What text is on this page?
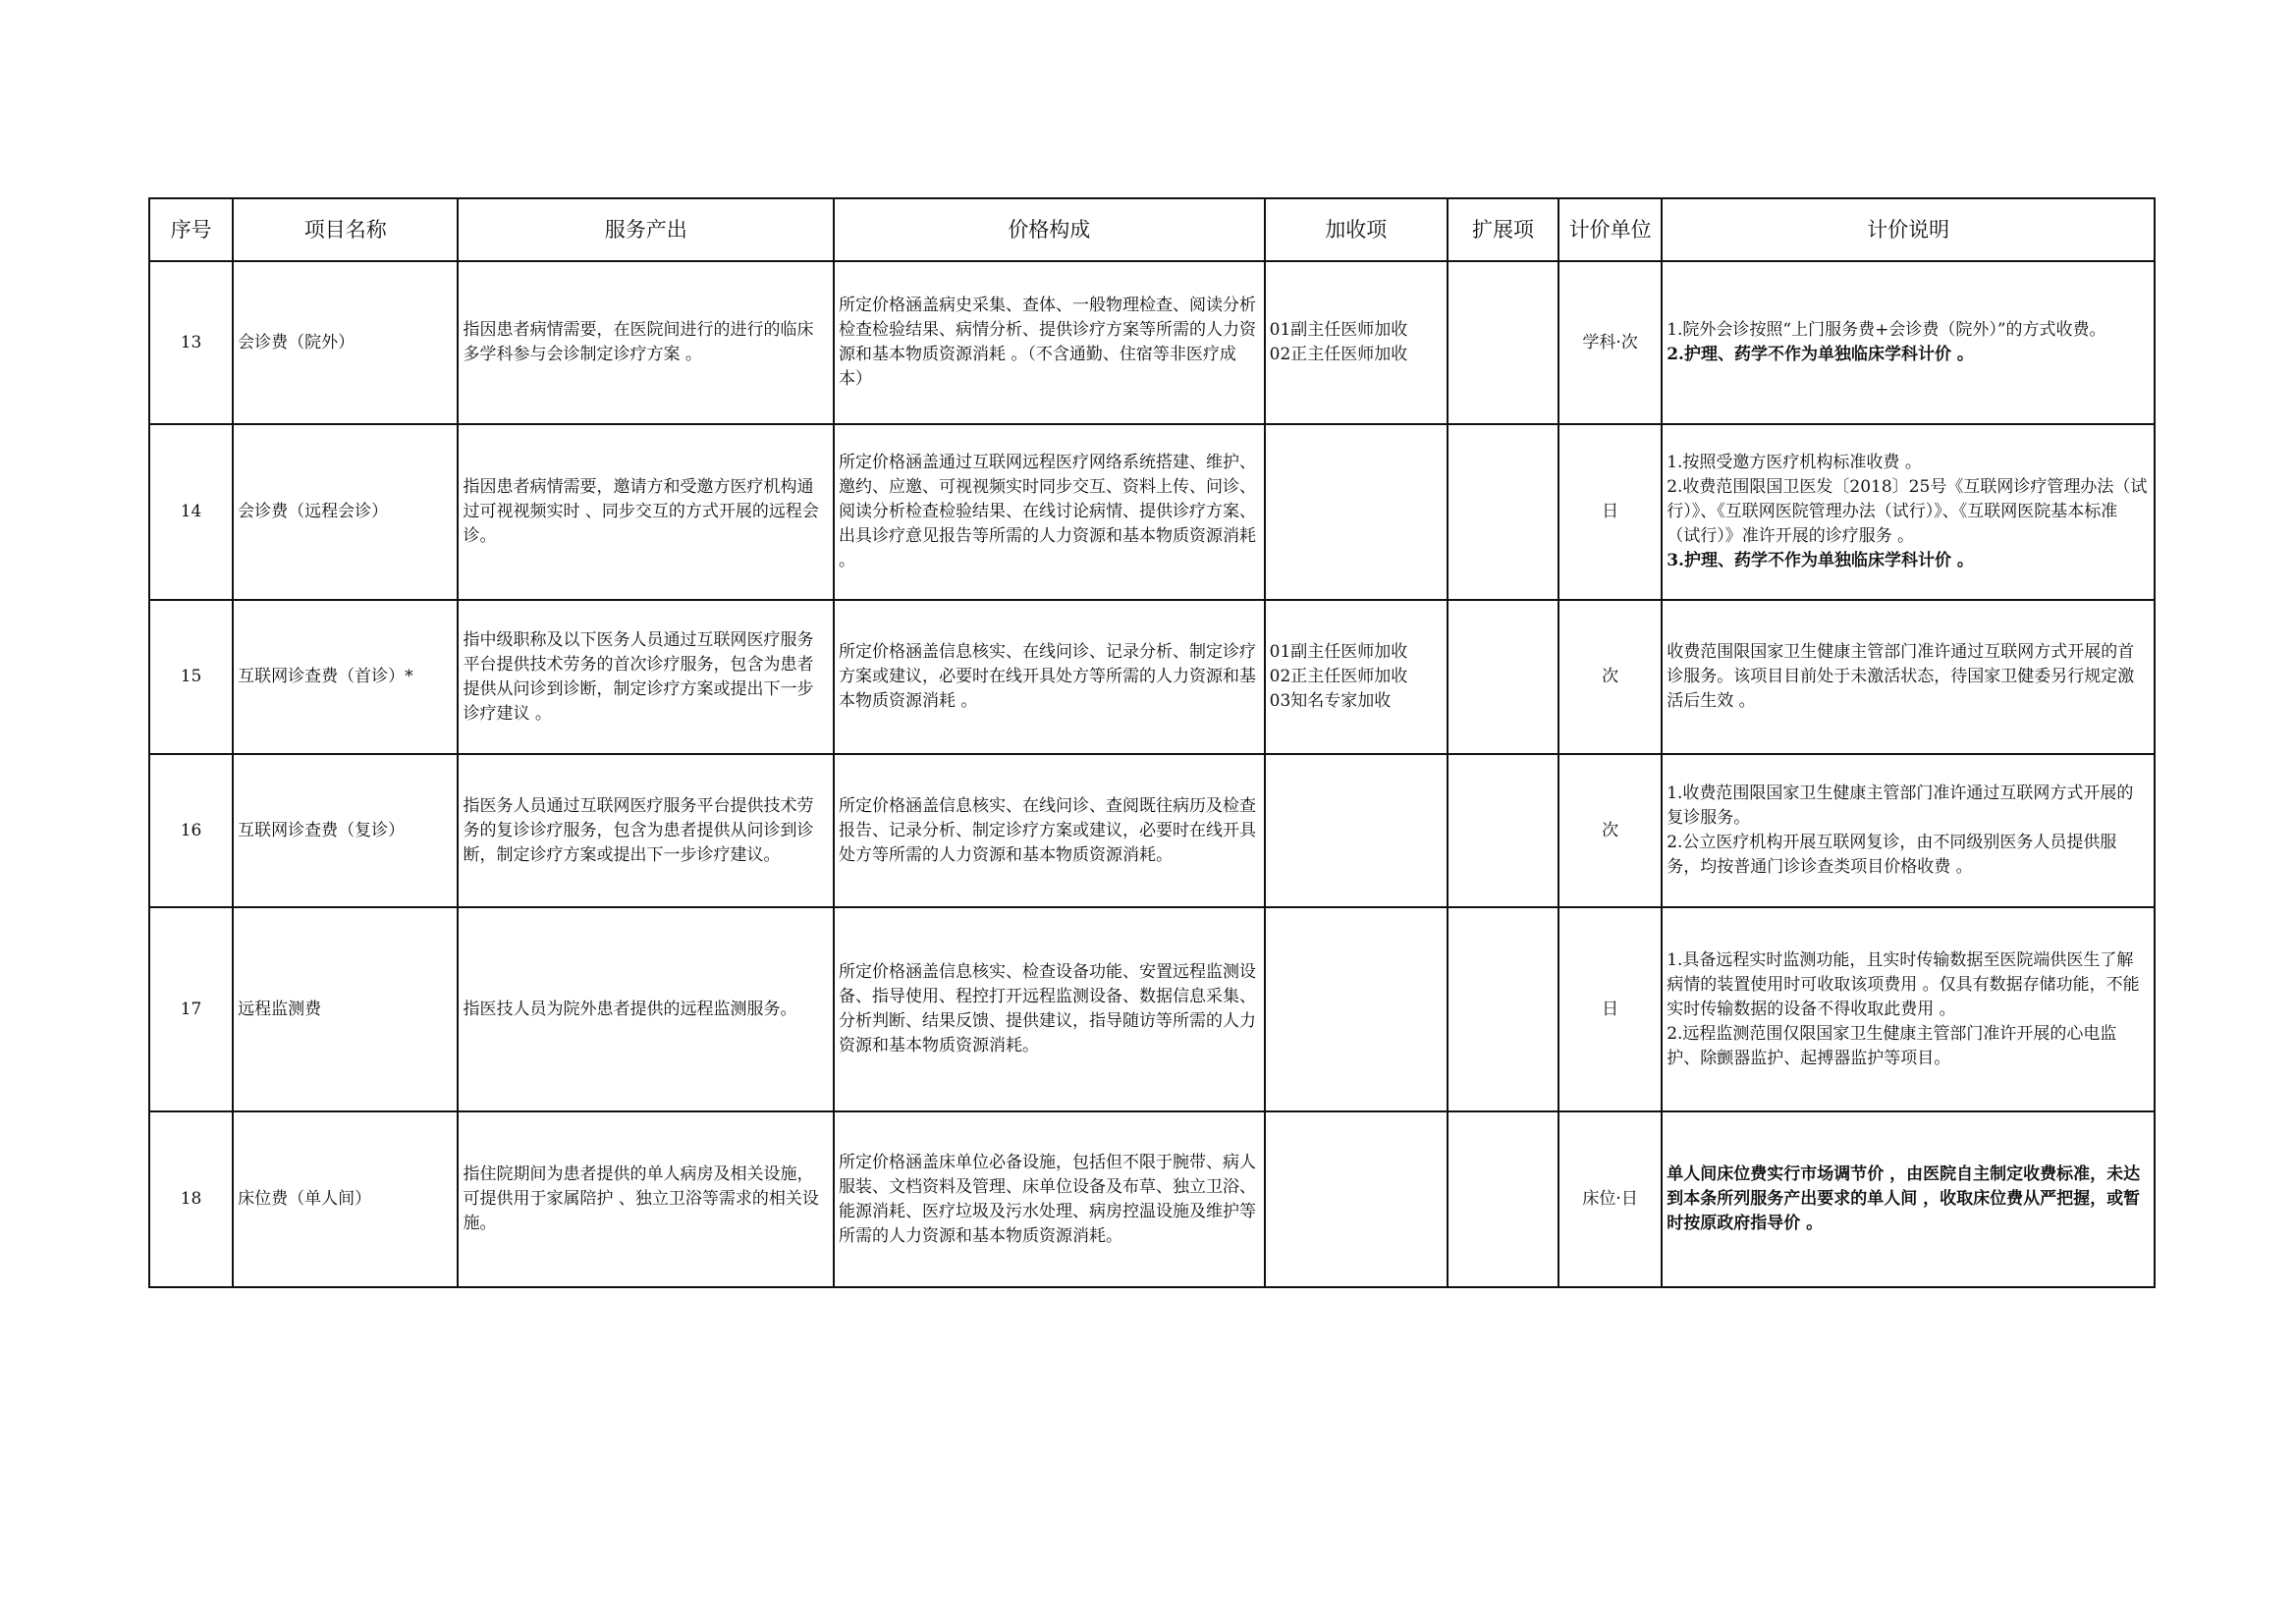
序号	项目名称	服务产出	价格构成	加收项	扩展项	计价单位	计价说明
13	会诊费（院外）	指因患者病情需要，在医院间进行的进行的临床多学科参与会诊制定诊疗方案 。	所定价格涵盖病史采集、查体、一般物理检查、阅读分析检查检验结果、病情分析、提供诊疗方案等所需的人力资源和基本物质资源消耗 。（不含通勤、住宿等非医疗成本）	01副主任医师加收
02正主任医师加收		学科·次	1.院外会诊按照“上门服务费+会诊费（院外）”的方式收费。
2.护理、药学不作为单独临床学科计价 。

14	会诊费（远程会诊）	指因患者病情需要，邀请方和受邀方医疗机构通过可视视频实时 、同步交互的方式开展的远程会诊。	所定价格涵盖通过互联网远程医疗网络系统搭建、维护、邀约、应邀、可视视频实时同步交互、资料上传、问诊、阅读分析检查检验结果、在线讨论病情、提供诊疗方案、出具诊疗意见报告等所需的人力资源和基本物质资源消耗 。			日	1.按照受邀方医疗机构标准收费 。
2.收费范围限国卫医发〔2018〕25号《互联网诊疗管理办法（试行）》、《互联网医院管理办法（试行）》、《互联网医院基本标准（试行）》准许开展的诊疗服务 。
3.护理、药学不作为单独临床学科计价 。

15	互联网诊查费（首诊）*	指中级职称及以下医务人员通过互联网医疗服务平台提供技术劳务的首次诊疗服务，包含为患者提供从问诊到诊断，制定诊疗方案或提出下一步诊疗建议 。	所定价格涵盖信息核实、在线问诊、记录分析、制定诊疗方案或建议，必要时在线开具处方等所需的人力资源和基本物质资源消耗 。	01副主任医师加收
02正主任医师加收
03知名专家加收		次	收费范围限国家卫生健康主管部门准许通过互联网方式开展的首诊服务。该项目目前处于未激活状态，待国家卫健委另行规定激活后生效 。

16	互联网诊查费（复诊）	指医务人员通过互联网医疗服务平台提供技术劳务的复诊诊疗服务，包含为患者提供从问诊到诊断，制定诊疗方案或提出下一步诊疗建议。	所定价格涵盖信息核实、在线问诊、查阅既往病历及检查报告、记录分析、制定诊疗方案或建议，必要时在线开具处方等所需的人力资源和基本物质资源消耗。			次	1.收费范围限国家卫生健康主管部门准许通过互联网方式开展的复诊服务。
2.公立医疗机构开展互联网复诊，由不同级别医务人员提供服务，均按普通门诊诊查类项目价格收费 。

17	远程监测费	指医技人员为院外患者提供的远程监测服务。	所定价格涵盖信息核实、检查设备功能、安置远程监测设备、指导使用、程控打开远程监测设备、数据信息采集、分析判断、结果反馈、提供建议，指导随访等所需的人力资源和基本物质资源消耗。			日	1.具备远程实时监测功能，且实时传输数据至医院端供医生了解病情的装置使用时可收取该项费用 。仅具有数据存储功能，不能实时传输数据的设备不得收取此费用 。
2.远程监测范围仅限国家卫生健康主管部门准许开展的心电监护、除颤器监护、起搏器监护等项目。

18	床位费（单人间）	指住院期间为患者提供的单人病房及相关设施，可提供用于家属陪护 、独立卫浴等需求的相关设施。	所定价格涵盖床单位必备设施，包括但不限于腕带、病人服装、文档资料及管理、床单位设备及布草、独立卫浴、能源消耗、医疗垃圾及污水处理、病房控温设施及维护等所需的人力资源和基本物质资源消耗。			床位·日	单人间床位费实行市场调节价 ，由医院自主制定收费标准，未达到本条所列服务产出要求的单人间 ，收取床位费从严把握，或暂时按原政府指导价 。
